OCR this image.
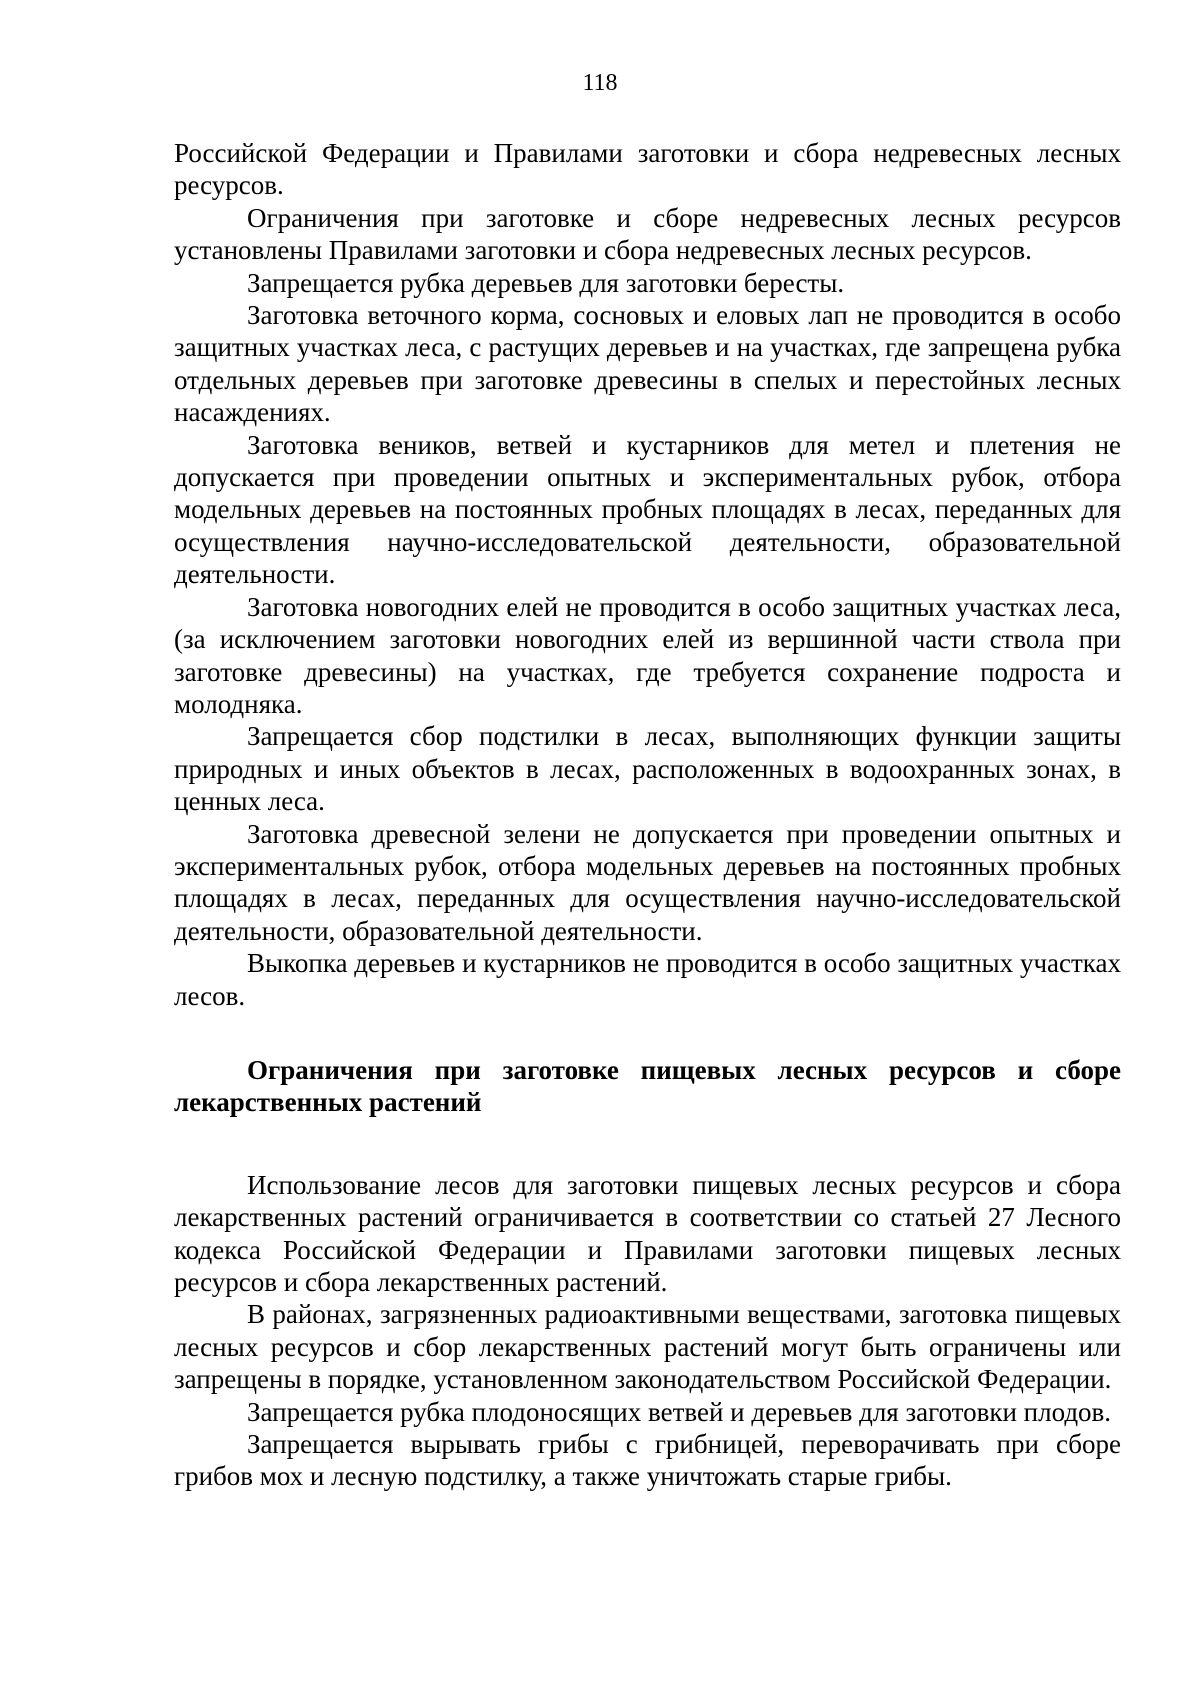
118

Российской Федерации и Правилами заготовки и сбора недревесных лесных ресурсов.

Ограничения при заготовке и сборе недревесных лесных ресурсов установлены Правилами заготовки и сбора недревесных лесных ресурсов.

Запрещается рубка деревьев для заготовки бересты.

Заготовка веточного корма, сосновых и еловых лап не проводится в особо защитных участках леса, с растущих деревьев и на участках, где запрещена рубка отдельных деревьев при заготовке древесины в спелых и перестойных лесных насаждениях.

Заготовка веников, ветвей и кустарников для метел и плетения не допускается при проведении опытных и экспериментальных рубок, отбора модельных деревьев на постоянных пробных площадях в лесах, переданных для осуществления научно-исследовательской деятельности, образовательной деятельности.

Заготовка новогодних елей не проводится в особо защитных участках леса, (за исключением заготовки новогодних елей из вершинной части ствола при заготовке древесины) на участках, где требуется сохранение подроста и молодняка.

Запрещается сбор подстилки в лесах, выполняющих функции защиты природных и иных объектов в лесах, расположенных в водоохранных зонах, в ценных леса.

Заготовка древесной зелени не допускается при проведении опытных и экспериментальных рубок, отбора модельных деревьев на постоянных пробных площадях в лесах, переданных для осуществления научно-исследовательской деятельности, образовательной деятельности.

Выкопка деревьев и кустарников не проводится в особо защитных участках лесов.

Ограничения при заготовке пищевых лесных ресурсов и сборе лекарственных растений

Использование лесов для заготовки пищевых лесных ресурсов и сбора лекарственных растений ограничивается в соответствии со статьей 27 Лесного кодекса Российской Федерации и Правилами заготовки пищевых лесных ресурсов и сбора лекарственных растений.

В районах, загрязненных радиоактивными веществами, заготовка пищевых лесных ресурсов и сбор лекарственных растений могут быть ограничены или запрещены в порядке, установленном законодательством Российской Федерации.

Запрещается рубка плодоносящих ветвей и деревьев для заготовки плодов.

Запрещается вырывать грибы с грибницей, переворачивать при сборе грибов мох и лесную подстилку, а также уничтожать старые грибы.
